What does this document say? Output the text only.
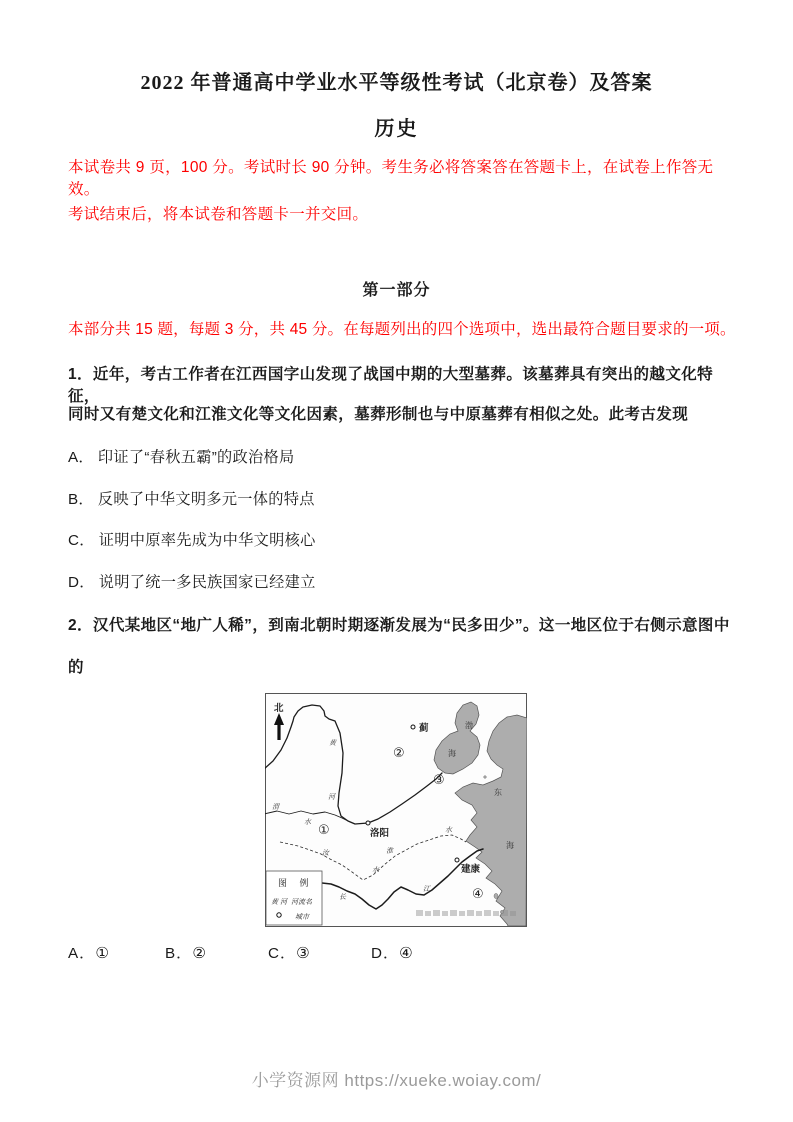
2022 年普通高中学业水平等级性考试（北京卷）及答案
历史
本试卷共 9 页，100 分。考试时长 90 分钟。考生务必将答案答在答题卡上，在试卷上作答无效。
考试结束后，将本试卷和答题卡一并交回。
第一部分
本部分共 15 题，每题 3 分，共 45 分。在每题列出的四个选项中，选出最符合题目要求的一项。
1．近年，考古工作者在江西国字山发现了战国中期的大型墓葬。该墓葬具有突出的越文化特征，
同时又有楚文化和江淮文化等文化因素，墓葬形制也与中原墓葬有相似之处。此考古发现
A． 印证了“春秋五霸”的政治格局
B． 反映了中华文明多元一体的特点
C． 证明中原率先成为中华文明核心
D． 说明了统一多民族国家已经建立
2．汉代某地区“地广人稀”，到南北朝时期逐渐发展为“民多田少”。这一地区位于右侧示意图中
的
北
蓟
洛阳
建康
①
②
③
④
黄
河
渭
水
汝
水
淮
水
长
江
渤
海
东
海
图 例
黄河 河流名
城市
A．①	B．②	C．③	D．④
小学资源网 https://xueke.woiay.com/
